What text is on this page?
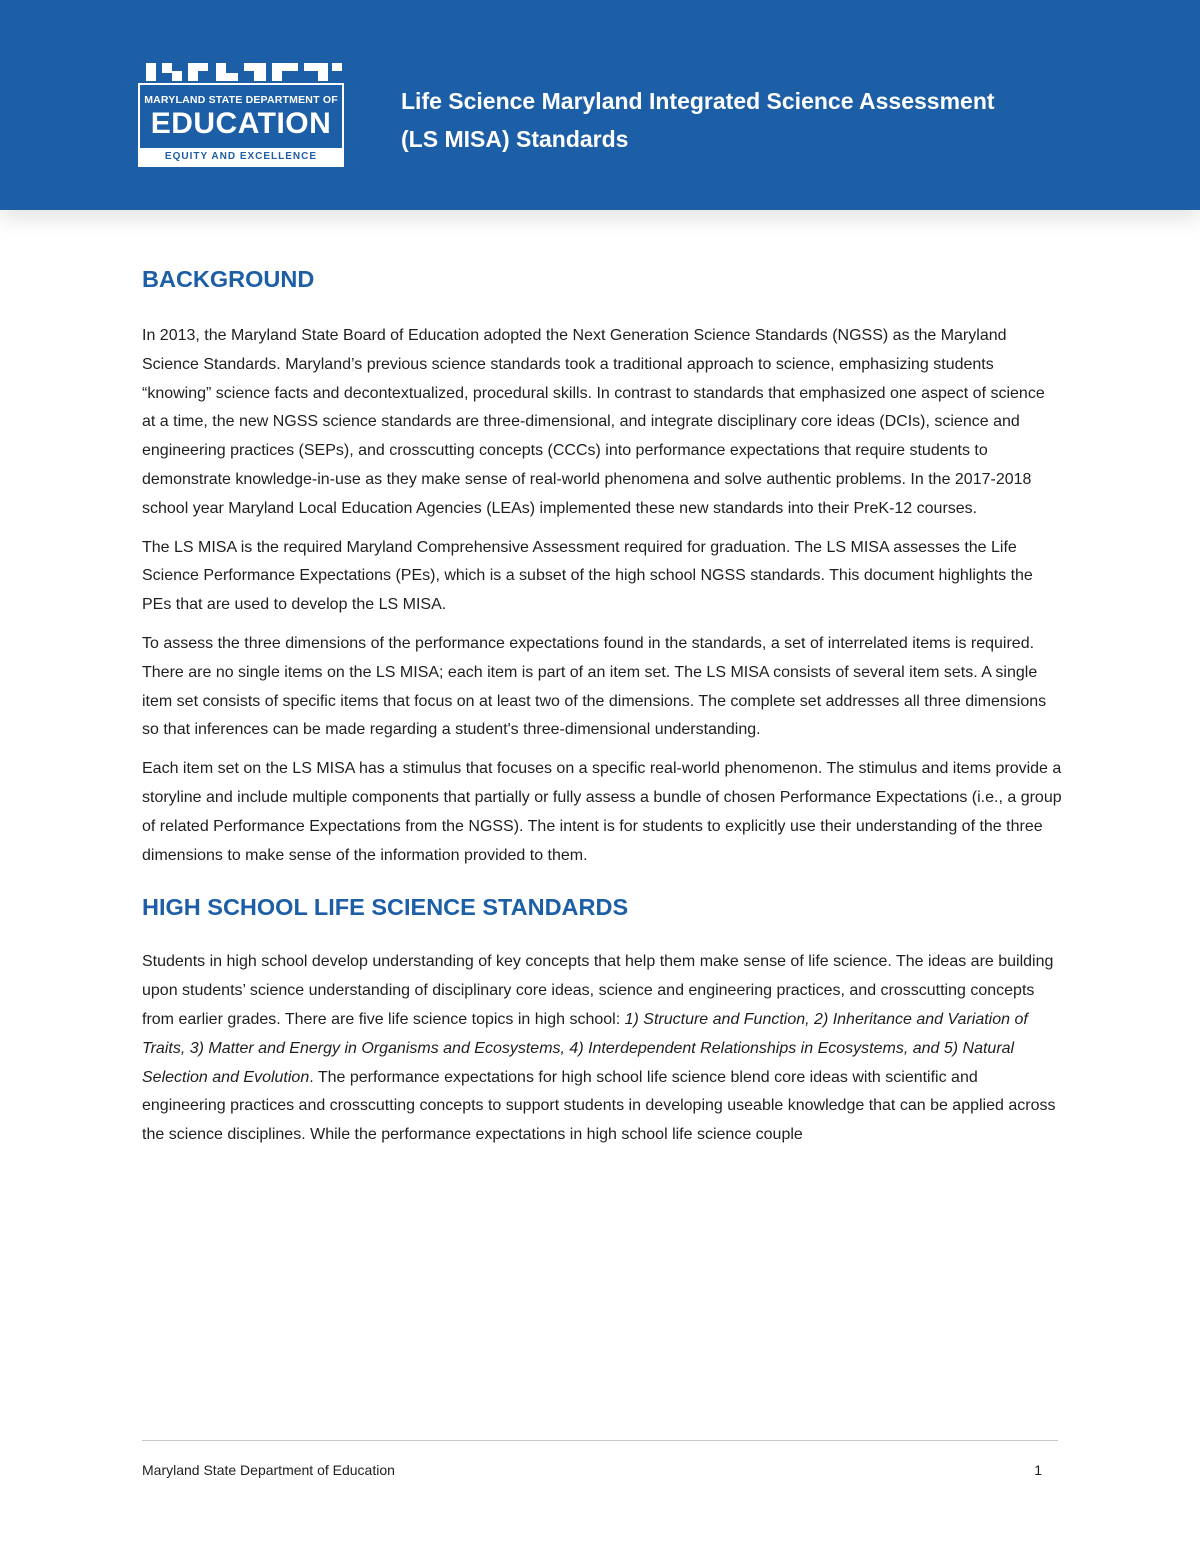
MARYLAND STATE DEPARTMENT OF
EDUCATION
EQUITY AND EXCELLENCE
Life Science Maryland Integrated Science Assessment
(LS MISA) Standards
BACKGROUND

In 2013, the Maryland State Board of Education adopted the Next Generation Science Standards (NGSS) as the Maryland Science Standards. Maryland’s previous science standards took a traditional approach to science, emphasizing students “knowing” science facts and decontextualized, procedural skills. In contrast to standards that emphasized one aspect of science at a time, the new NGSS science standards are three-dimensional, and integrate disciplinary core ideas (DCIs), science and engineering practices (SEPs), and crosscutting concepts (CCCs) into performance expectations that require students to demonstrate knowledge-in-use as they make sense of real-world phenomena and solve authentic problems. In the 2017-2018 school year Maryland Local Education Agencies (LEAs) implemented these new standards into their PreK-12 courses.

The LS MISA is the required Maryland Comprehensive Assessment required for graduation. The LS MISA assesses the Life Science Performance Expectations (PEs), which is a subset of the high school NGSS standards. This document highlights the PEs that are used to develop the LS MISA.

To assess the three dimensions of the performance expectations found in the standards, a set of interrelated items is required. There are no single items on the LS MISA; each item is part of an item set. The LS MISA consists of several item sets. A single item set consists of specific items that focus on at least two of the dimensions. The complete set addresses all three dimensions so that inferences can be made regarding a student's three-dimensional understanding.

Each item set on the LS MISA has a stimulus that focuses on a specific real-world phenomenon. The stimulus and items provide a storyline and include multiple components that partially or fully assess a bundle of chosen Performance Expectations (i.e., a group of related Performance Expectations from the NGSS). The intent is for students to explicitly use their understanding of the three dimensions to make sense of the information provided to them.

HIGH SCHOOL LIFE SCIENCE STANDARDS

Students in high school develop understanding of key concepts that help them make sense of life science. The ideas are building upon students’ science understanding of disciplinary core ideas, science and engineering practices, and crosscutting concepts from earlier grades. There are five life science topics in high school: 1) Structure and Function, 2) Inheritance and Variation of Traits, 3) Matter and Energy in Organisms and Ecosystems, 4) Interdependent Relationships in Ecosystems, and 5) Natural Selection and Evolution. The performance expectations for high school life science blend core ideas with scientific and engineering practices and crosscutting concepts to support students in developing useable knowledge that can be applied across the science disciplines. While the performance expectations in high school life science couple

Maryland State Department of Education	1
